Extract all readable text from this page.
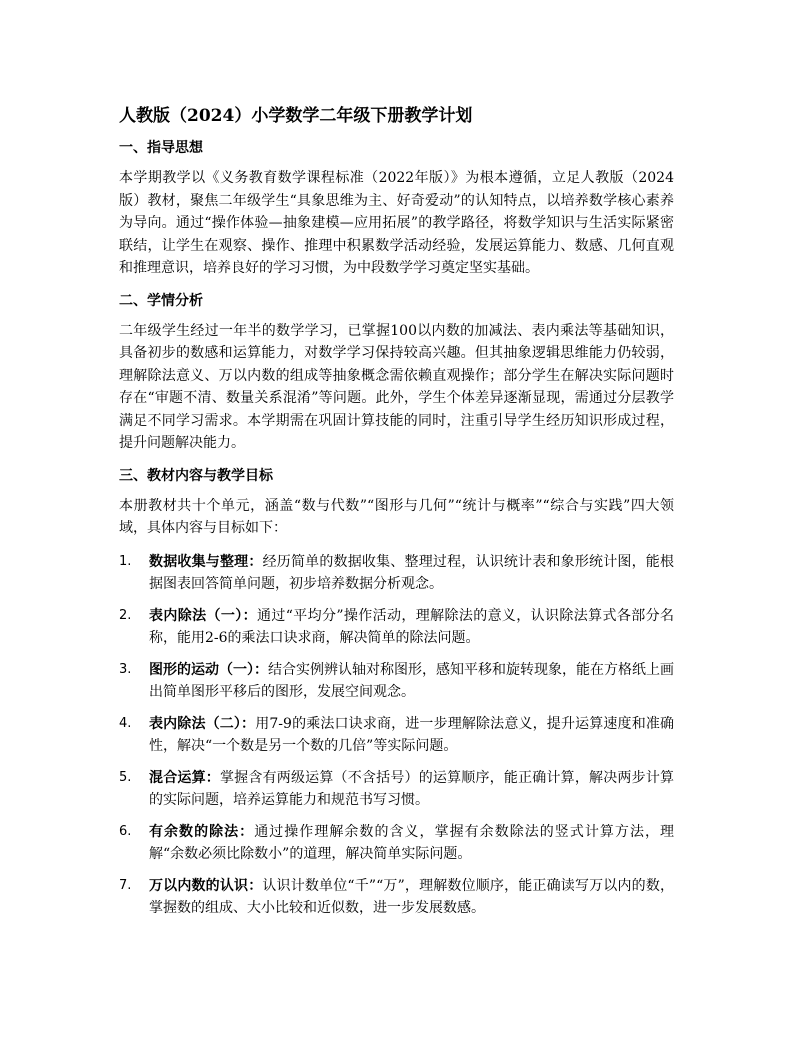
人教版（2024）小学数学二年级下册教学计划
一、指导思想
本学期教学以《义务教育数学课程标准（2022年版）》为根本遵循，立足人教版（2024版）教材，聚焦二年级学生“具象思维为主、好奇爱动”的认知特点，以培养数学核心素养为导向。通过“操作体验—抽象建模—应用拓展”的教学路径，将数学知识与生活实际紧密联结，让学生在观察、操作、推理中积累数学活动经验，发展运算能力、数感、几何直观和推理意识，培养良好的学习习惯，为中段数学学习奠定坚实基础。
二、学情分析
二年级学生经过一年半的数学学习，已掌握100以内数的加减法、表内乘法等基础知识，具备初步的数感和运算能力，对数学学习保持较高兴趣。但其抽象逻辑思维能力仍较弱，理解除法意义、万以内数的组成等抽象概念需依赖直观操作；部分学生在解决实际问题时存在“审题不清、数量关系混淆”等问题。此外，学生个体差异逐渐显现，需通过分层教学满足不同学习需求。本学期需在巩固计算技能的同时，注重引导学生经历知识形成过程，提升问题解决能力。
三、教材内容与教学目标
本册教材共十个单元，涵盖“数与代数”“图形与几何”“统计与概率”“综合与实践”四大领域，具体内容与目标如下：
1. 数据收集与整理：经历简单的数据收集、整理过程，认识统计表和象形统计图，能根据图表回答简单问题，初步培养数据分析观念。
2. 表内除法（一）：通过“平均分”操作活动，理解除法的意义，认识除法算式各部分名称，能用2-6的乘法口诀求商，解决简单的除法问题。
3. 图形的运动（一）：结合实例辨认轴对称图形，感知平移和旋转现象，能在方格纸上画出简单图形平移后的图形，发展空间观念。
4. 表内除法（二）：用7-9的乘法口诀求商，进一步理解除法意义，提升运算速度和准确性，解决“一个数是另一个数的几倍”等实际问题。
5. 混合运算：掌握含有两级运算（不含括号）的运算顺序，能正确计算，解决两步计算的实际问题，培养运算能力和规范书写习惯。
6. 有余数的除法：通过操作理解余数的含义，掌握有余数除法的竖式计算方法，理解“余数必须比除数小”的道理，解决简单实际问题。
7. 万以内数的认识：认识计数单位“千”“万”，理解数位顺序，能正确读写万以内的数，掌握数的组成、大小比较和近似数，进一步发展数感。
